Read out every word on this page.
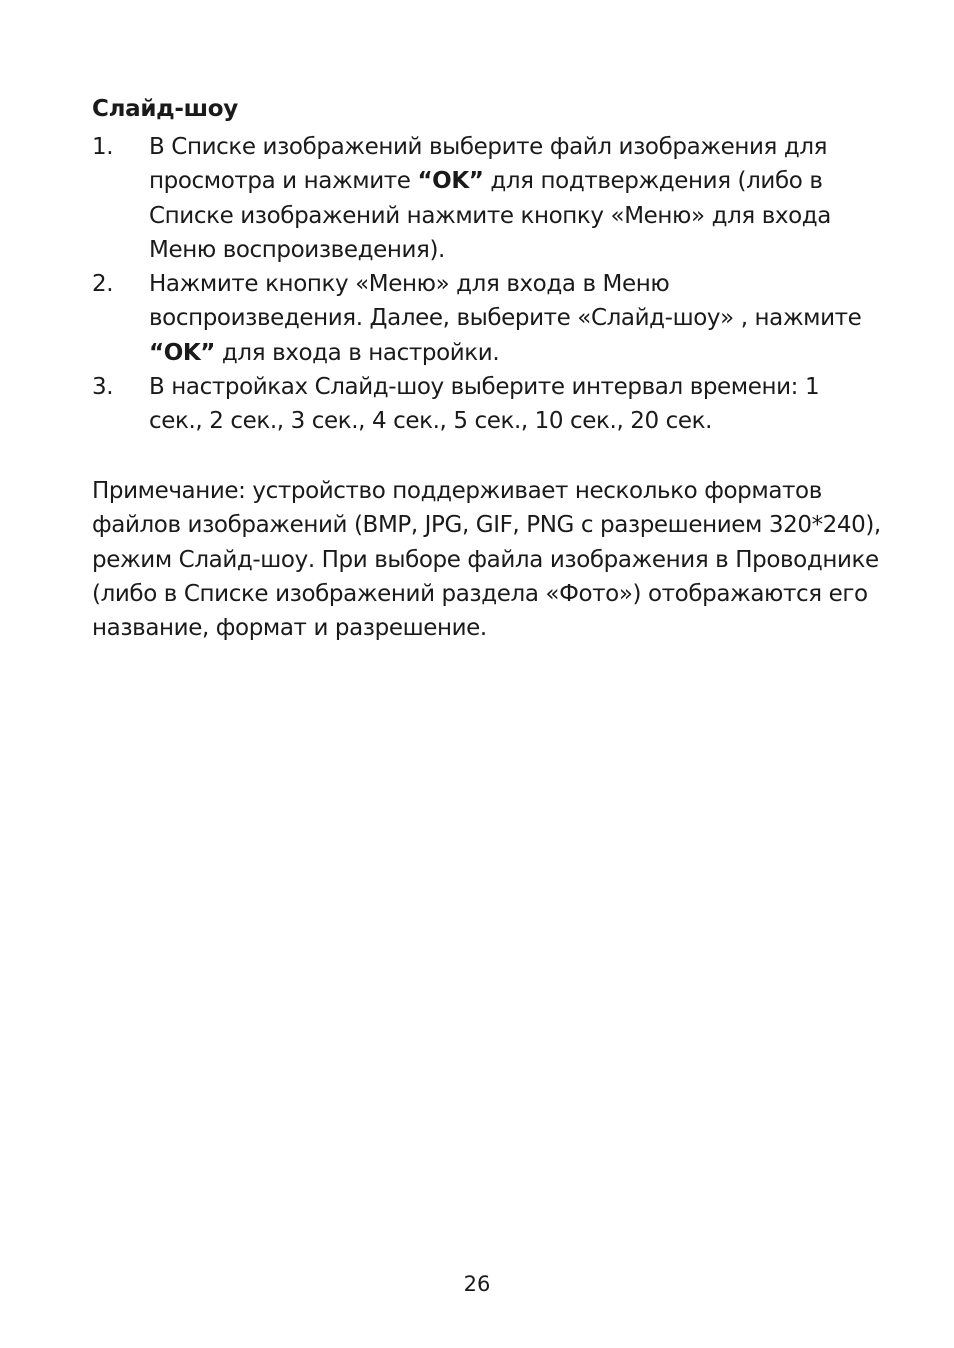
Слайд-шоу
1.	В Списке изображений выберите файл изображения для просмотра и нажмите “OK” для подтверждения (либо в Списке изображений нажмите кнопку «Меню» для входа Меню воспроизведения).
2.	Нажмите кнопку «Меню» для входа в Меню воспроизведения. Далее, выберите «Слайд-шоу» , нажмите “OK” для входа в настройки.
3.	В настройках Слайд-шоу выберите интервал времени: 1 сек., 2 сек., 3 сек., 4 сек., 5 сек., 10 сек., 20 сек.
Примечание: устройство поддерживает несколько форматов файлов изображений (BMP, JPG, GIF, PNG с разрешением 320*240), режим Слайд-шоу. При выборе файла изображения в Проводнике (либо в Списке изображений раздела «Фото») отображаются его название, формат и разрешение.
26
